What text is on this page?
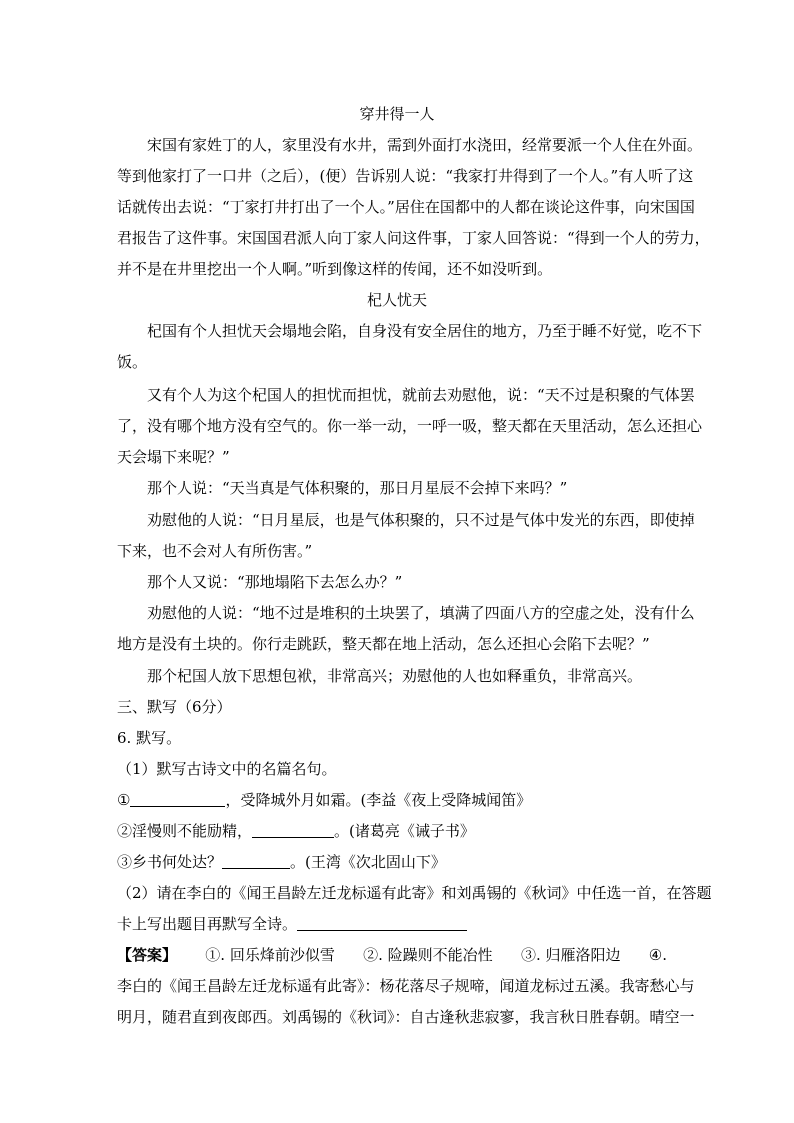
穿井得一人
宋国有家姓丁的人，家里没有水井，需到外面打水浇田，经常要派一个人住在外面。
等到他家打了一口井（之后），(便）告诉别人说：“我家打井得到了一个人。”有人听了这
话就传出去说：“丁家打井打出了一个人。”居住在国都中的人都在谈论这件事，向宋国国
君报告了这件事。宋国国君派人向丁家人问这件事，丁家人回答说：“得到一个人的劳力，
并不是在井里挖出一个人啊。”听到像这样的传闻，还不如没听到。
杞人忧天
杞国有个人担忧天会塌地会陷，自身没有安全居住的地方，乃至于睡不好觉，吃不下
饭。
又有个人为这个杞国人的担忧而担忧，就前去劝慰他，说：“天不过是积聚的气体罢
了，没有哪个地方没有空气的。你一举一动，一呼一吸，整天都在天里活动，怎么还担心
天会塌下来呢？”
那个人说：“天当真是气体积聚的，那日月星辰不会掉下来吗？”
劝慰他的人说：“日月星辰，也是气体积聚的，只不过是气体中发光的东西，即使掉
下来，也不会对人有所伤害。”
那个人又说：“那地塌陷下去怎么办？”
劝慰他的人说：“地不过是堆积的土块罢了，填满了四面八方的空虚之处，没有什么
地方是没有土块的。你行走跳跃，整天都在地上活动，怎么还担心会陷下去呢？”
那个杞国人放下思想包袱，非常高兴；劝慰他的人也如释重负，非常高兴。
三、默写（6分）
6. 默写。
（1）默写古诗文中的名篇名句。
①	，受降城外月如霜。(李益《夜上受降城闻笛》
②淫慢则不能励精，	。(诸葛亮《诫子书》
③乡书何处达？	。(王湾《次北固山下》
（2）请在李白的《闻王昌龄左迁龙标遥有此寄》和刘禹锡的《秋词》中任选一首，在答题
卡上写出题目再默写全诗。
【答案】 ①. 回乐烽前沙似雪 ②. 险躁则不能冶性 ③. 归雁洛阳边 ④.
李白的《闻王昌龄左迁龙标遥有此寄》：杨花落尽子规啼，闻道龙标过五溪。我寄愁心与
明月，随君直到夜郎西。刘禹锡的《秋词》：自古逢秋悲寂寥，我言秋日胜春朝。晴空一
